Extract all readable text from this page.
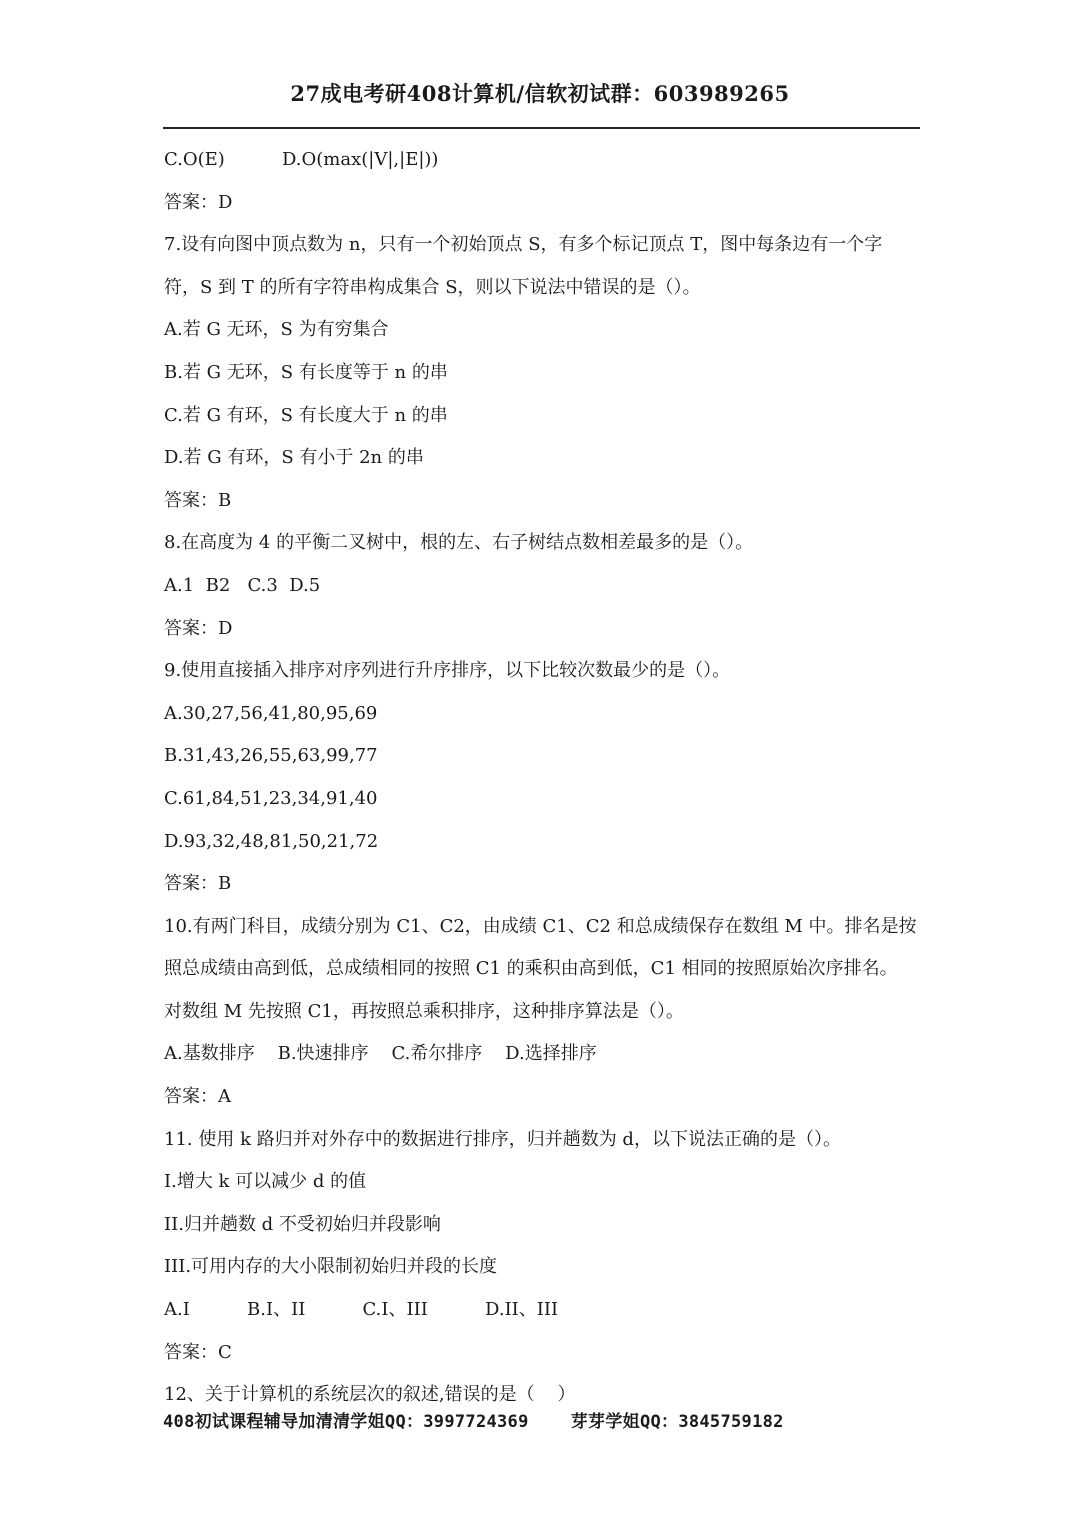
27成电考研408计算机/信软初试群：603989265
C.O(E)          D.O(max(|V|,|E|))
答案：D
7.设有向图中顶点数为 n，只有一个初始顶点 S，有多个标记顶点 T，图中每条边有一个字
符，S 到 T 的所有字符串构成集合 S，则以下说法中错误的是（）。
A.若 G 无环，S 为有穷集合
B.若 G 无环，S 有长度等于 n 的串
C.若 G 有环，S 有长度大于 n 的串
D.若 G 有环，S 有小于 2n 的串
答案：B
8.在高度为 4 的平衡二叉树中，根的左、右子树结点数相差最多的是（）。
A.1  B2   C.3  D.5
答案：D
9.使用直接插入排序对序列进行升序排序，以下比较次数最少的是（）。
A.30,27,56,41,80,95,69
B.31,43,26,55,63,99,77
C.61,84,51,23,34,91,40
D.93,32,48,81,50,21,72
答案：B
10.有两门科目，成绩分别为 C1、C2，由成绩 C1、C2 和总成绩保存在数组 M 中。排名是按
照总成绩由高到低，总成绩相同的按照 C1 的乘积由高到低，C1 相同的按照原始次序排名。
对数组 M 先按照 C1，再按照总乘积排序，这种排序算法是（）。
A.基数排序    B.快速排序    C.希尔排序    D.选择排序
答案：A
11. 使用 k 路归并对外存中的数据进行排序，归并趟数为 d，以下说法正确的是（）。
I.增大 k 可以减少 d 的值
II.归并趟数 d 不受初始归并段影响
III.可用内存的大小限制初始归并段的长度
A.I          B.I、II          C.I、III          D.II、III
答案：C
12、关于计算机的系统层次的叙述,错误的是（    ）
408初试课程辅导加清清学姐QQ：3997724369    芽芽学姐QQ：3845759182
